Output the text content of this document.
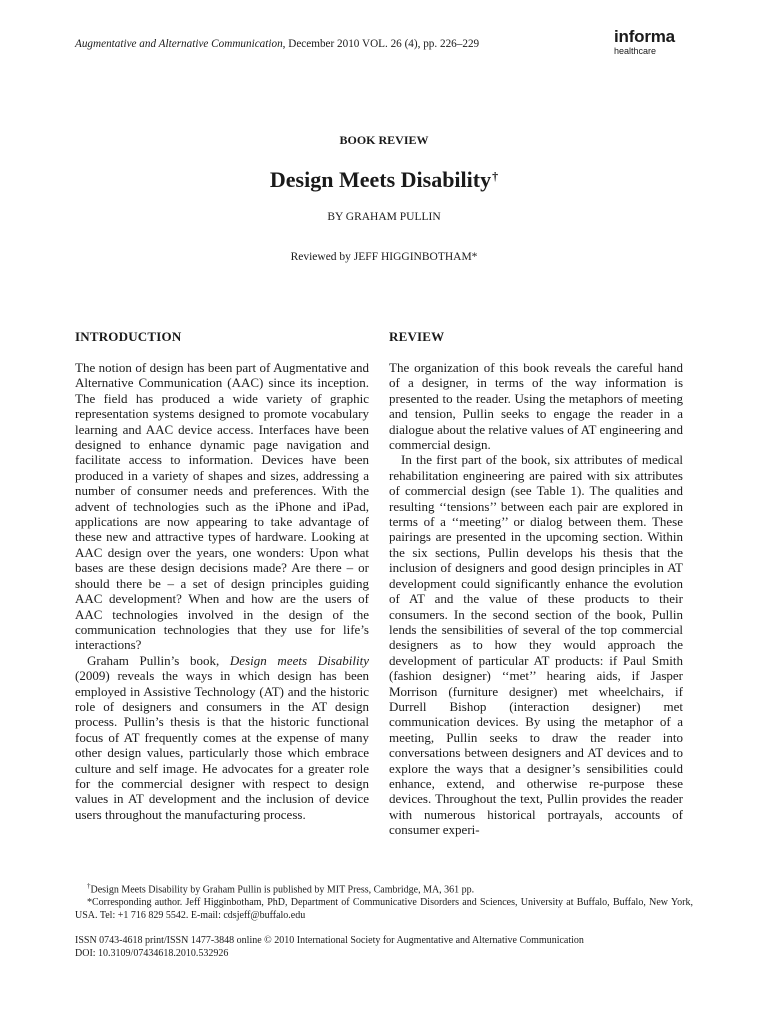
Augmentative and Alternative Communication, December 2010 VOL. 26 (4), pp. 226–229	informa
healthcare
BOOK REVIEW
Design Meets Disability†
BY GRAHAM PULLIN
Reviewed by JEFF HIGGINBOTHAM*
INTRODUCTION

The notion of design has been part of Augmentative and Alternative Communication (AAC) since its inception. The field has produced a wide variety of graphic representation systems designed to promote vocabulary learning and AAC device access. Interfaces have been designed to enhance dynamic page navigation and facilitate access to information. Devices have been produced in a variety of shapes and sizes, addressing a number of consumer needs and preferences. With the advent of technologies such as the iPhone and iPad, applications are now appearing to take advantage of these new and attractive types of hardware. Looking at AAC design over the years, one wonders: Upon what bases are these design decisions made? Are there – or should there be – a set of design principles guiding AAC development? When and how are the users of AAC technologies involved in the design of the communication technologies that they use for life’s interactions?

Graham Pullin’s book, Design meets Disability (2009) reveals the ways in which design has been employed in Assistive Technology (AT) and the historic role of designers and consumers in the AT design process. Pullin’s thesis is that the historic functional focus of AT frequently comes at the expense of many other design values, particularly those which embrace culture and self image. He advocates for a greater role for the commercial designer with respect to design values in AT development and the inclusion of device users throughout the manufacturing process.

REVIEW

The organization of this book reveals the careful hand of a designer, in terms of the way information is presented to the reader. Using the metaphors of meeting and tension, Pullin seeks to engage the reader in a dialogue about the relative values of AT engineering and commercial design.

In the first part of the book, six attributes of medical rehabilitation engineering are paired with six attributes of commercial design (see Table 1). The qualities and resulting ‘‘tensions’’ between each pair are explored in terms of a ‘‘meeting’’ or dialog between them. These pairings are presented in the upcoming section. Within the six sections, Pullin develops his thesis that the inclusion of designers and good design principles in AT development could significantly enhance the evolution of AT and the value of these products to their consumers. In the second section of the book, Pullin lends the sensibilities of several of the top commercial designers as to how they would approach the development of particular AT products: if Paul Smith (fashion designer) ‘‘met’’ hearing aids, if Jasper Morrison (furniture designer) met wheelchairs, if Durrell Bishop (interaction designer) met communication devices. By using the metaphor of a meeting, Pullin seeks to draw the reader into conversations between designers and AT devices and to explore the ways that a designer’s sensibilities could enhance, extend, and otherwise re-purpose these devices. Throughout the text, Pullin provides the reader with numerous historical portrayals, accounts of consumer experi-

†Design Meets Disability by Graham Pullin is published by MIT Press, Cambridge, MA, 361 pp.

*Corresponding author. Jeff Higginbotham, PhD, Department of Communicative Disorders and Sciences, University at Buffalo, Buffalo, New York, USA. Tel: +1 716 829 5542. E-mail: cdsjeff@buffalo.edu

ISSN 0743-4618 print/ISSN 1477-3848 online © 2010 International Society for Augmentative and Alternative Communication
DOI: 10.3109/07434618.2010.532926
